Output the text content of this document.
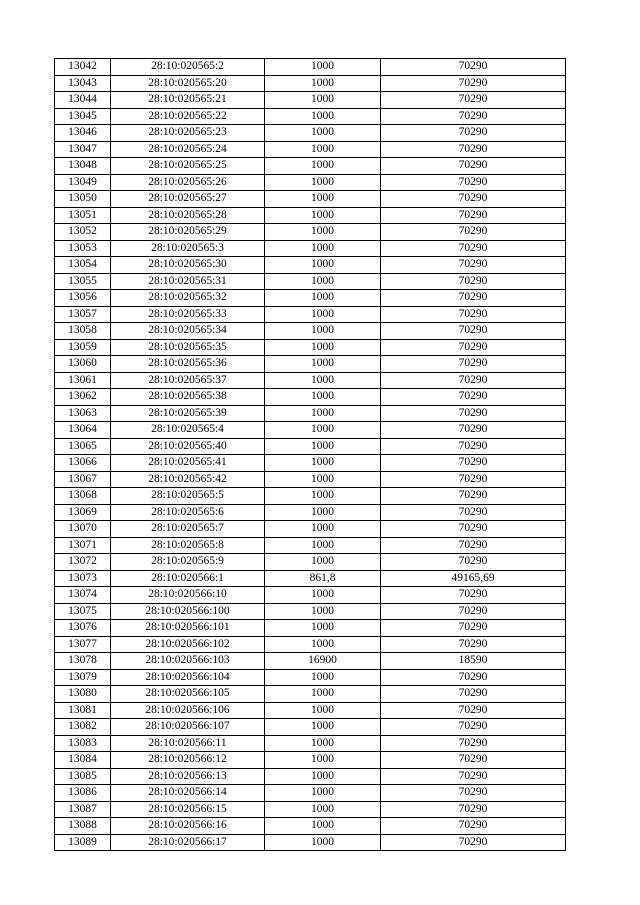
13042	28:10:020565:2	1000	70290
13043	28:10:020565:20	1000	70290
13044	28:10:020565:21	1000	70290
13045	28:10:020565:22	1000	70290
13046	28:10:020565:23	1000	70290
13047	28:10:020565:24	1000	70290
13048	28:10:020565:25	1000	70290
13049	28:10:020565:26	1000	70290
13050	28:10:020565:27	1000	70290
13051	28:10:020565:28	1000	70290
13052	28:10:020565:29	1000	70290
13053	28:10:020565:3	1000	70290
13054	28:10:020565:30	1000	70290
13055	28:10:020565:31	1000	70290
13056	28:10:020565:32	1000	70290
13057	28:10:020565:33	1000	70290
13058	28:10:020565:34	1000	70290
13059	28:10:020565:35	1000	70290
13060	28:10:020565:36	1000	70290
13061	28:10:020565:37	1000	70290
13062	28:10:020565:38	1000	70290
13063	28:10:020565:39	1000	70290
13064	28:10:020565:4	1000	70290
13065	28:10:020565:40	1000	70290
13066	28:10:020565:41	1000	70290
13067	28:10:020565:42	1000	70290
13068	28:10:020565:5	1000	70290
13069	28:10:020565:6	1000	70290
13070	28:10:020565:7	1000	70290
13071	28:10:020565:8	1000	70290
13072	28:10:020565:9	1000	70290
13073	28:10:020566:1	861,8	49165,69
13074	28:10:020566:10	1000	70290
13075	28:10:020566:100	1000	70290
13076	28:10:020566:101	1000	70290
13077	28:10:020566:102	1000	70290
13078	28:10:020566:103	16900	18590
13079	28:10:020566:104	1000	70290
13080	28:10:020566:105	1000	70290
13081	28:10:020566:106	1000	70290
13082	28:10:020566:107	1000	70290
13083	28:10:020566:11	1000	70290
13084	28:10:020566:12	1000	70290
13085	28:10:020566:13	1000	70290
13086	28:10:020566:14	1000	70290
13087	28:10:020566:15	1000	70290
13088	28:10:020566:16	1000	70290
13089	28:10:020566:17	1000	70290
